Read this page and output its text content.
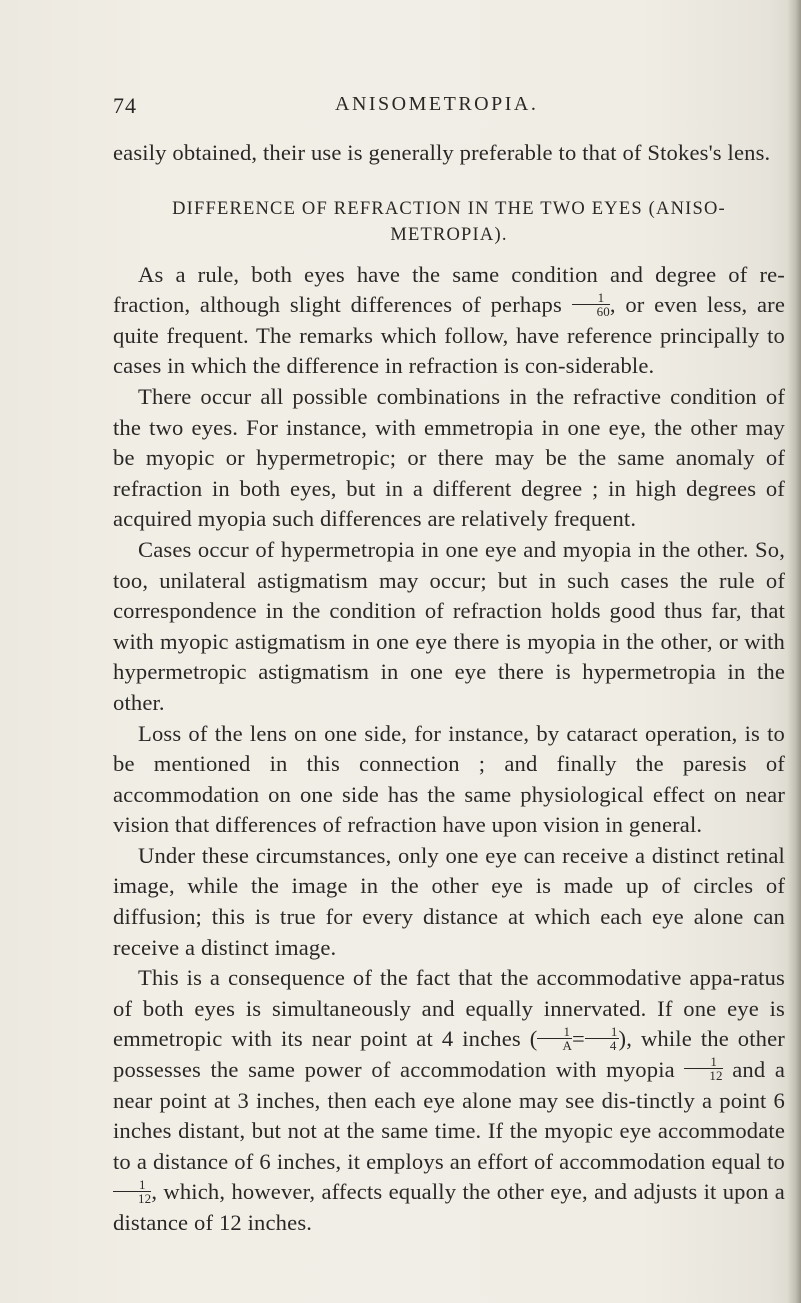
74	ANISOMETROPIA.

easily obtained, their use is generally preferable to that of Stokes's lens.

DIFFERENCE OF REFRACTION IN THE TWO EYES (ANISO-
METROPIA).

As a rule, both eyes have the same condition and degree of re-fraction, although slight differences of perhaps $\frac{1}{60}$ , or even less, are quite frequent. The remarks which follow, have reference principally to cases in which the difference in refraction is con-siderable.

There occur all possible combinations in the refractive condition of the two eyes. For instance, with emmetropia in one eye, the other may be myopic or hypermetropic; or there may be the same anomaly of refraction in both eyes, but in a different degree ; in high degrees of acquired myopia such differences are relatively frequent.

Cases occur of hypermetropia in one eye and myopia in the other. So, too, unilateral astigmatism may occur; but in such cases the rule of correspondence in the condition of refraction holds good thus far, that with myopic astigmatism in one eye there is myopia in the other, or with hypermetropic astigmatism in one eye there is hypermetropia in the other.

Loss of the lens on one side, for instance, by cataract operation, is to be mentioned in this connection ; and finally the paresis of accommodation on one side has the same physiological effect on near vision that differences of refraction have upon vision in general.

Under these circumstances, only one eye can receive a distinct retinal image, while the image in the other eye is made up of circles of diffusion; this is true for every distance at which each eye alone can receive a distinct image.

This is a consequence of the fact that the accommodative appa-ratus of both eyes is simultaneously and equally innervated. If one eye is emmetropic with its near point at 4 inches ( $\frac{1}{A} = \frac{1}{4}$ ), while the other possesses the same power of accommodation with myopia $\frac{1}{12}$ and a near point at 3 inches, then each eye alone may see dis-tinctly a point 6 inches distant, but not at the same time. If the myopic eye accommodate to a distance of 6 inches, it employs an effort of accommodation equal to
$\frac{1}{12}$ , which, however, affects equally the other eye, and adjusts it upon a distance of 12 inches.
